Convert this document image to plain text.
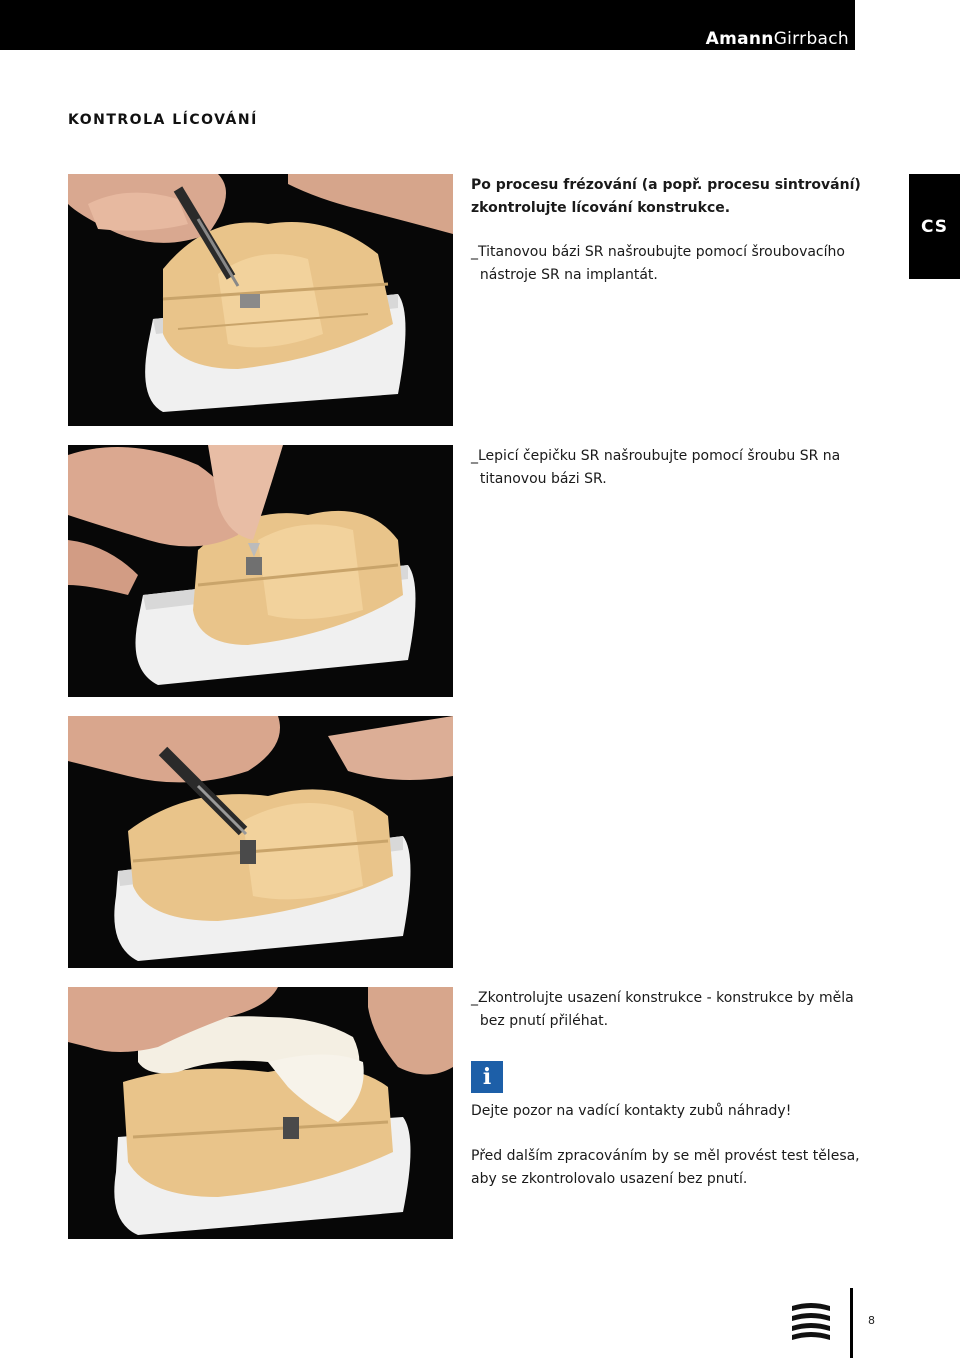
AmannGirrbach
CS
KONTROLA LÍCOVÁNÍ

Po procesu frézování (a popř. procesu sintrování)

zkontrolujte lícování konstrukce.

_Titanovou bázi SR našroubujte pomocí šroubovacího

nástroje SR na implantát.

_Lepicí čepičku SR našroubujte pomocí šroubu SR na

titanovou bázi SR.

_Zkontrolujte usazení konstrukce - konstrukce by měla

bez pnutí přiléhat.

i

Dejte pozor na vadící kontakty zubů náhrady!

Před dalším zpracováním by se měl provést test tělesa,

aby se zkontrolovalo usazení bez pnutí.

8
